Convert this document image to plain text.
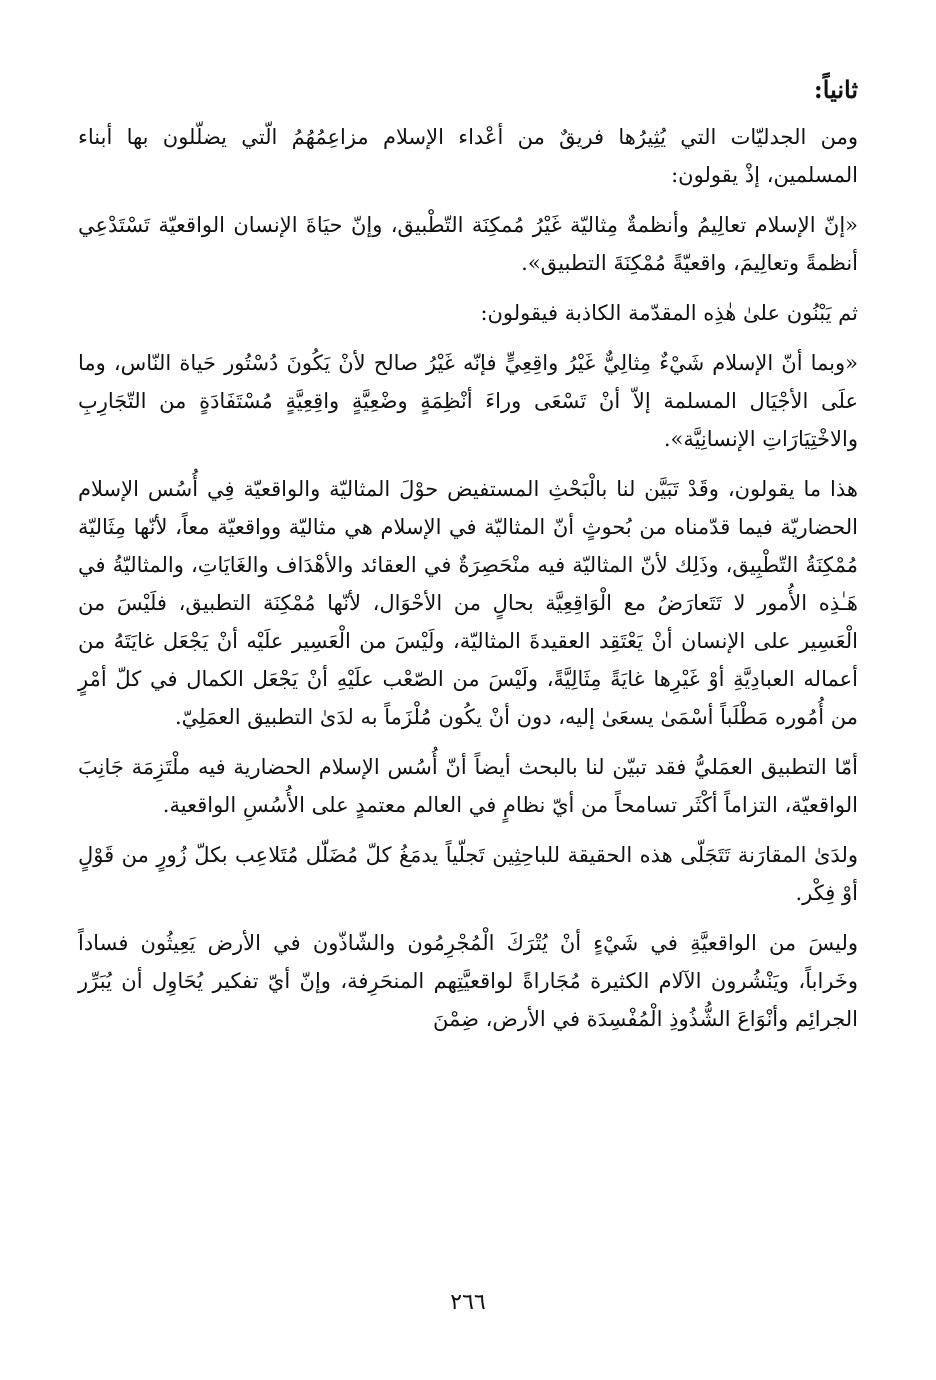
ثانياً:

ومن الجدليّات التي يُثِيرُها فريقٌ من أعْداء الإسلام مزاعِمُهُمُ الّتي يضلّلون بها أبناء المسلمين، إذْ يقولون:

«إنّ الإسلام تعالِيمُ وأنظمةٌ مِثاليّة غَيْرُ مُمكِنَة التّطْبيق، وإنّ حيَاةَ الإنسان الواقعيّة تَسْتَدْعِي أنظمةً وتعالِيمَ، واقعيّةً مُمْكِنَةَ التطبيق».

ثم يَبْنُون علىٰ هٰذِه المقدّمة الكاذبة فيقولون:

«وبما أنّ الإسلام شَيْءٌ مِثالِيٌّ غَيْرُ واقِعِيٍّ فإنّه غَيْرُ صالح لأنْ يَكُونَ دُسْتُور حَياة النّاس، وما علَى الأجْيَال المسلمة إلاّ أنْ تَسْعَى وراءَ أنْظِمَةٍ وضْعِيَّةٍ واقِعِيَّةٍ مُسْتَفَادَةٍ من التّجَارِبِ والاخْتِيَارَاتِ الإنسانِيَّة».

هذا ما يقولون، وقَدْ تَبَيَّن لنا بالْبَحْثِ المستفيض حوْلَ المثاليّة والواقعيّة فِي أُسُس الإسلام الحضاريّة فيما قدّمناه من بُحوثٍ أنّ المثاليّة في الإسلام هي مثاليّة وواقعيّة معاً، لأنّها مِثَاليّة مُمْكِنَةُ التّطْبِيق، وذَلِك لأنّ المثاليّة فيه منْحَصِرَةٌ في العقائد والأهْدَاف والغَايَاتِ، والمثاليّةُ في هَـٰذِه الأُمور لا تَتَعارَضُ مع الْوَاقِعِيَّة بحالٍ من الأحْوَال، لأنّها مُمْكِنَة التطبيق، فلَيْسَ من الْعَسِير على الإنسان أنْ يَعْتَقِد العقيدةَ المثاليّة، ولَيْسَ من الْعَسِير علَيْه أنْ يَجْعَل غايَتَهُ من أعماله العبادِيَّةِ أوْ غَيْرِها غايَةً مِثَالِيَّةً، ولَيْسَ من الصّعْب علَيْهِ أنْ يَجْعَل الكمال في كلّ أمْرٍ من أُمُوره مَطْلَباً أسْمَىٰ يسعَىٰ إليه، دون أنْ يكُون مُلْزَماً به لدَىٰ التطبيق العمَلِيّ.

أمّا التطبيق العمَليُّ فقد تبيّن لنا بالبحث أيضاً أنّ أُسُس الإسلام الحضارية فيه ملْتَزِمَة جَانِبَ الواقعيّة، التزاماً أكْثَر تسامحاً من أيّ نظامٍ في العالم معتمدٍ على الأُسُسِ الواقعية.

ولدَىٰ المقارَنة تَتَجَلّى هذه الحقيقة للباحِثِين تَجلّياً يدمَغُ كلّ مُضَلّل مُتَلاعِب بكلّ زُورٍ من قَوْلٍ أوْ فِكْر.

وليسَ من الواقعيَّةِ في شَيْءٍ أنْ يُتْرَكَ الْمُجْرِمُون والشّاذّون في الأرض يَعِيثُون فساداً وخَراباً، ويَنْشُرون الآلام الكثيرة مُجَاراةً لواقعيَّتِهم المنحَرِفة، وإنّ أيّ تفكير يُحَاوِل أن يُبَرِّر الجرائِم وأنْوَاعَ الشُّذُوذِ الْمُفْسِدَة في الأرض، ضِمْنَ

٢٦٦
